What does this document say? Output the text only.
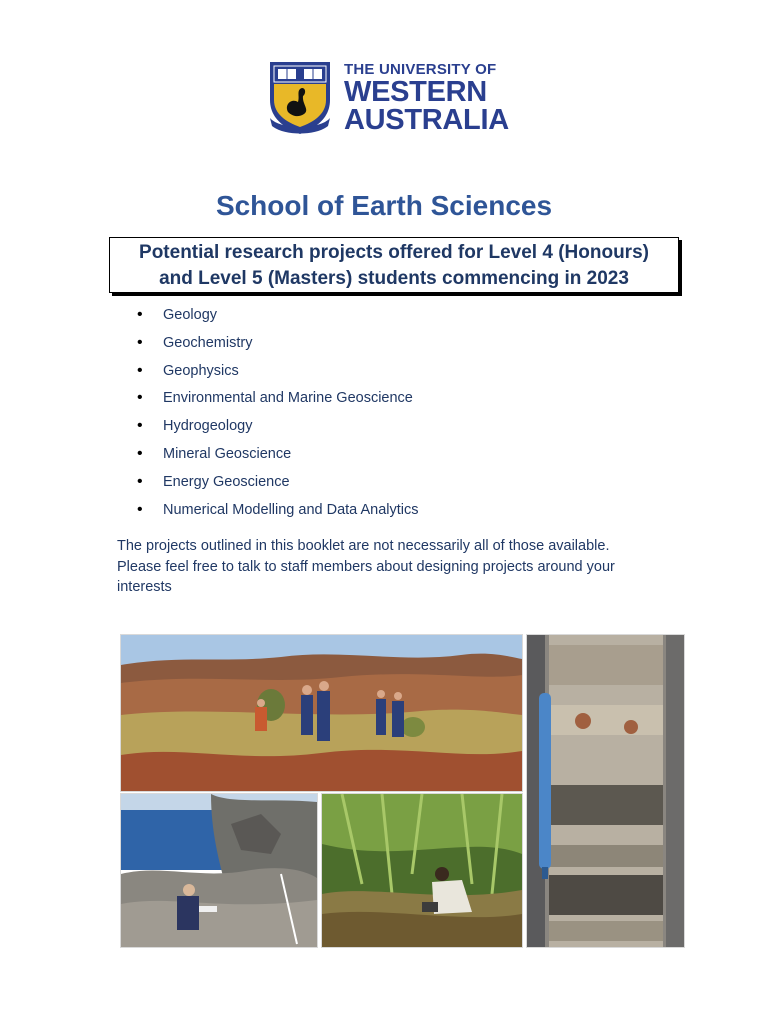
THE UNIVERSITY OF
WESTERN
AUSTRALIA
School of Earth Sciences
Potential research projects offered for Level 4 (Honours)
and Level 5 (Masters) students commencing in 2023
• Geology
• Geochemistry
• Geophysics
• Environmental and Marine Geoscience
• Hydrogeology
• Mineral Geoscience
• Energy Geoscience
• Numerical Modelling and Data Analytics
The projects outlined in this booklet are not necessarily all of those available.
Please feel free to talk to staff members about designing projects around your
interests
